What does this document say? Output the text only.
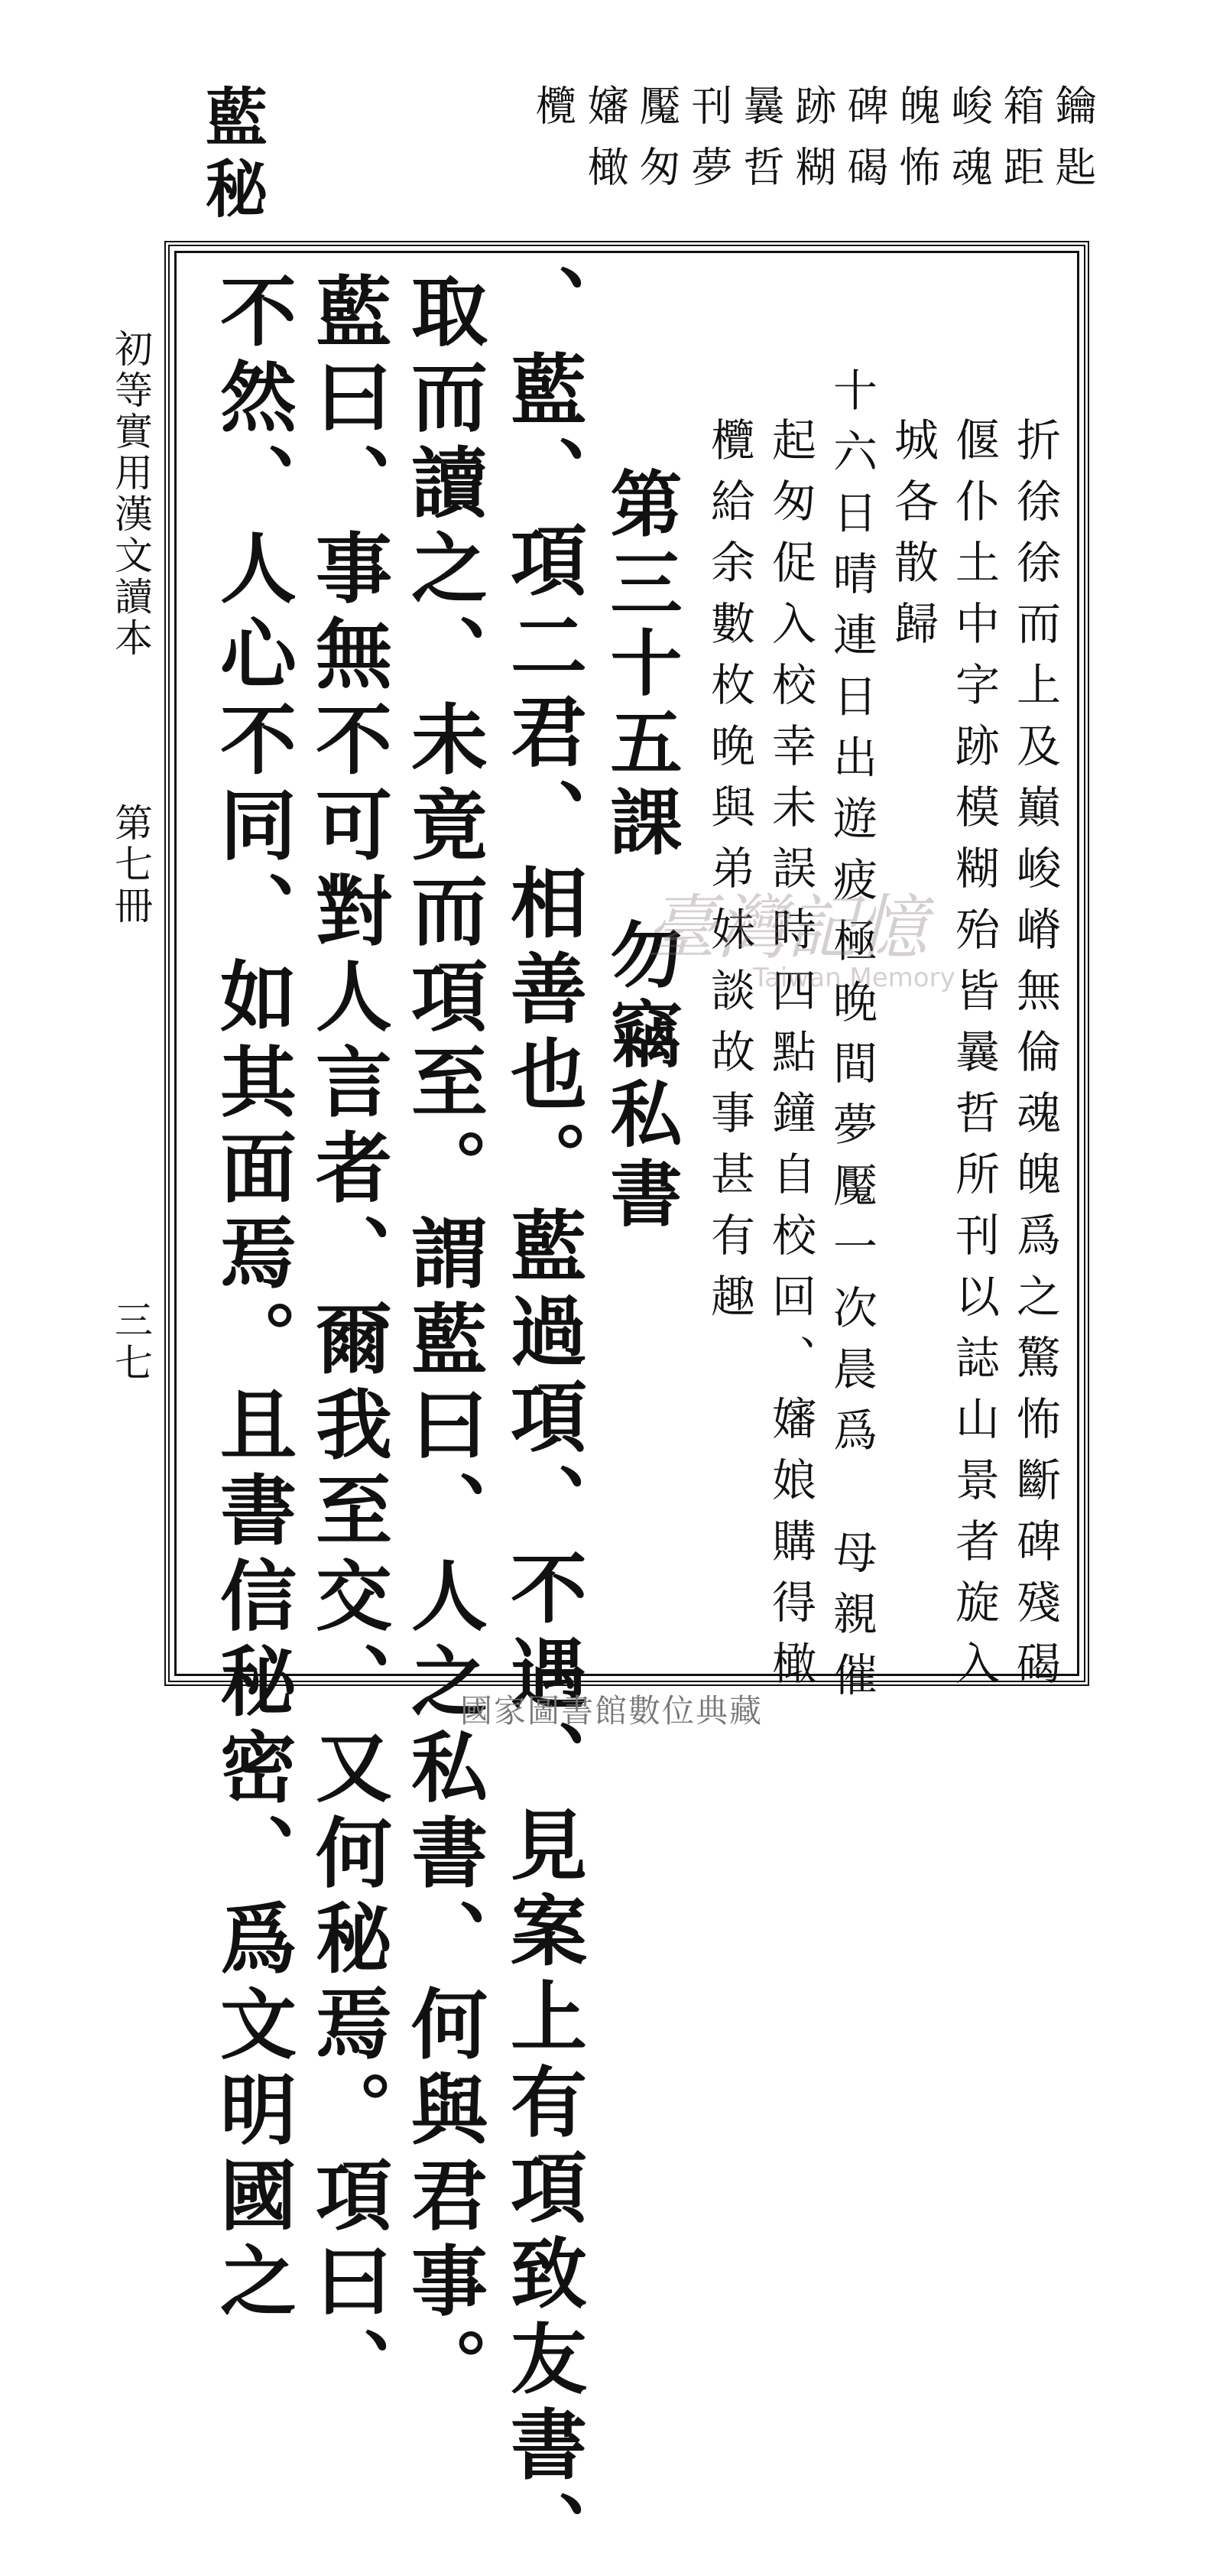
鑰匙
箱距
峻魂
魄怖
碑碣
跡糊
曩哲
刊夢
魘匆
嬸橄
欖
藍秘
初等實用漢文讀本
第七冊
三七	折徐徐而上及巔峻嵴無倫魂魄爲之驚怖斷碑殘碣
偃仆土中字跡模糊殆皆曩哲所刊以誌山景者旋入
城各散歸
十六日晴連日出遊疲極晚間夢魘一次晨爲　母親催
起匆促入校幸未誤時四點鐘自校回、嬸娘購得橄
欖給余數枚晚與弟妹談故事甚有趣
第三十五課
勿竊私書
、藍、項二君、相善也。藍過項、不遇、見案上有項致友書、
取而讀之、未竟而項至。謂藍曰、人之私書、何與君事。
藍曰、事無不可對人言者、爾我至交、又何秘焉。項曰、
不然、人心不同、如其面焉。且書信秘密、爲文明國之	臺灣記憶
Taiwan Memory
國家圖書館數位典藏
